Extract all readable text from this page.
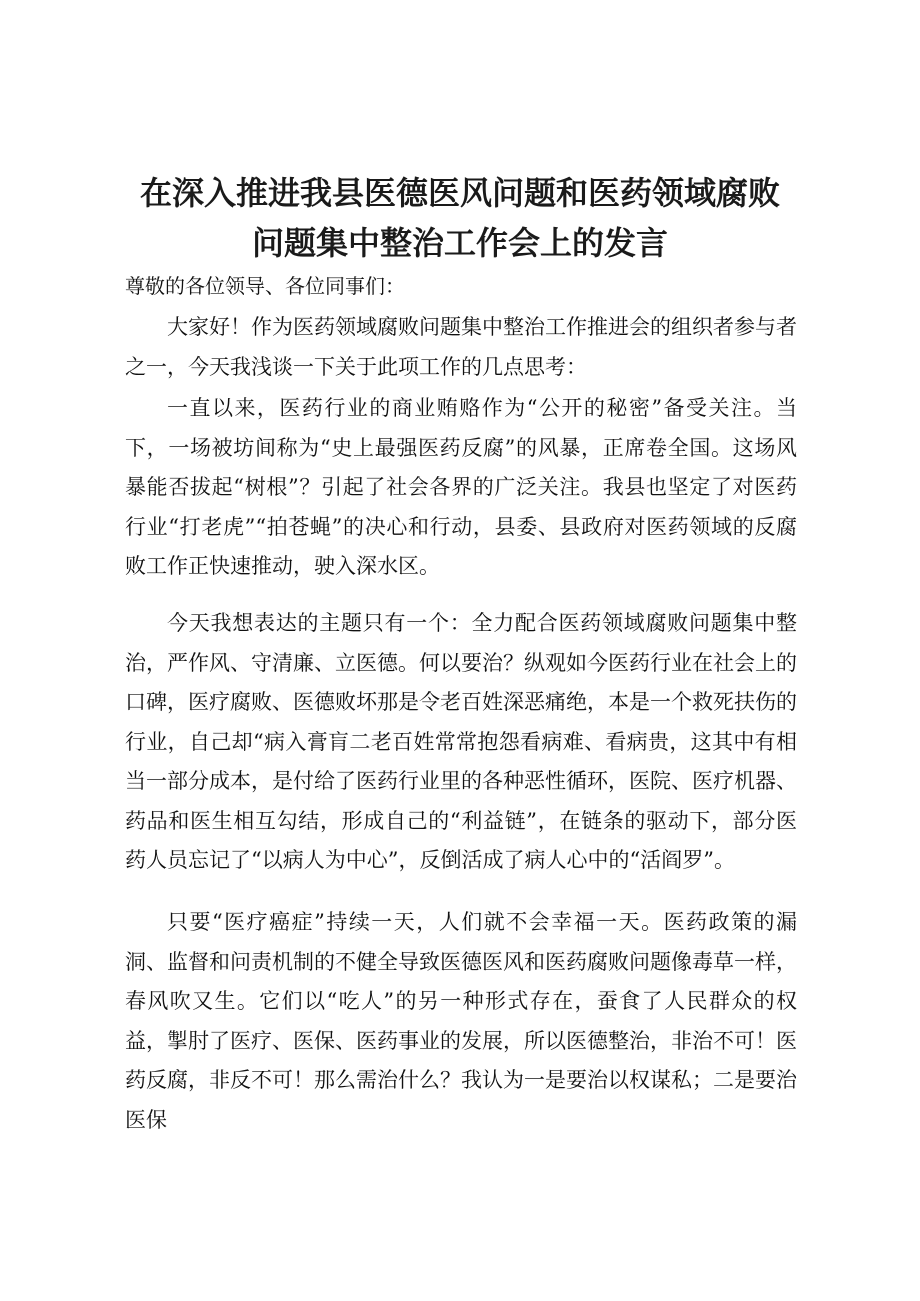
在深入推进我县医德医风问题和医药领域腐败
问题集中整治工作会上的发言
尊敬的各位领导、各位同事们：

大家好！作为医药领域腐败问题集中整治工作推进会的组织者参与者之一，今天我浅谈一下关于此项工作的几点思考：

一直以来，医药行业的商业贿赂作为“公开的秘密”备受关注。当下，一场被坊间称为“史上最强医药反腐”的风暴，正席卷全国。这场风暴能否拔起“树根”？引起了社会各界的广泛关注。我县也坚定了对医药行业“打老虎”“拍苍蝇”的决心和行动，县委、县政府对医药领域的反腐败工作正快速推动，驶入深水区。

今天我想表达的主题只有一个：全力配合医药领域腐败问题集中整治，严作风、守清廉、立医德。何以要治？纵观如今医药行业在社会上的口碑，医疗腐败、医德败坏那是令老百姓深恶痛绝，本是一个救死扶伤的行业，自己却“病入膏肓二老百姓常常抱怨看病难、看病贵，这其中有相当一部分成本，是付给了医药行业里的各种恶性循环，医院、医疗机器、药品和医生相互勾结，形成自己的“利益链”，在链条的驱动下，部分医药人员忘记了“以病人为中心”，反倒活成了病人心中的“活阎罗”。

只要“医疗癌症”持续一天，人们就不会幸福一天。医药政策的漏洞、监督和问责机制的不健全导致医德医风和医药腐败问题像毒草一样，春风吹又生。它们以“吃人”的另一种形式存在，蚕食了人民群众的权益，掣肘了医疗、医保、医药事业的发展，所以医德整治，非治不可！医药反腐，非反不可！那么需治什么？我认为一是要治以权谋私；二是要治医保
